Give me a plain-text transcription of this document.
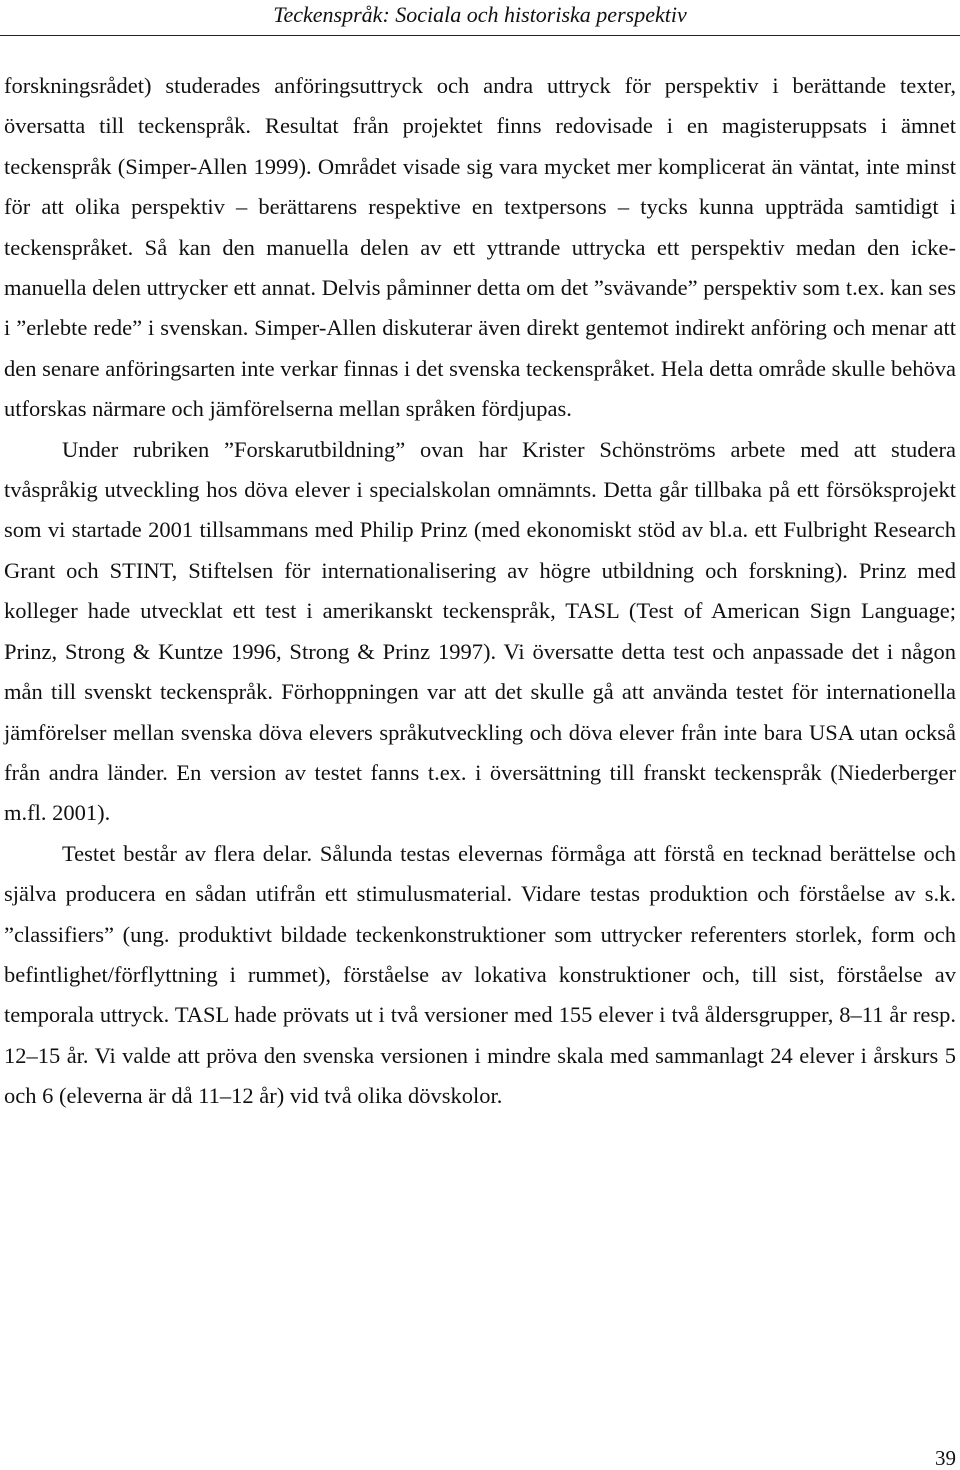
Teckenspråk: Sociala och historiska perspektiv

forskningsrådet) studerades anföringsuttryck och andra uttryck för perspektiv i berättande texter, översatta till teckenspråk. Resultat från projektet finns redovisade i en magisteruppsats i ämnet teckenspråk (Simper-Allen 1999). Området visade sig vara mycket mer komplicerat än väntat, inte minst för att olika perspektiv – berättarens respektive en textpersons – tycks kunna uppträda samtidigt i teckenspråket. Så kan den manuella delen av ett yttrande uttrycka ett perspektiv medan den icke-manuella delen uttrycker ett annat. Delvis påminner detta om det ”svävande” perspektiv som t.ex. kan ses i ”erlebte rede” i svenskan. Simper-Allen diskuterar även direkt gentemot indirekt anföring och menar att den senare anföringsarten inte verkar finnas i det svenska teckenspråket. Hela detta område skulle behöva utforskas närmare och jämförelserna mellan språken fördjupas.

Under rubriken ”Forskarutbildning” ovan har Krister Schönströms arbete med att studera tvåspråkig utveckling hos döva elever i specialskolan omnämnts. Detta går tillbaka på ett försöksprojekt som vi startade 2001 tillsammans med Philip Prinz (med ekonomiskt stöd av bl.a. ett Fulbright Research Grant och STINT, Stiftelsen för internationalisering av högre utbildning och forskning). Prinz med kolleger hade utvecklat ett test i amerikanskt teckenspråk, TASL (Test of American Sign Language; Prinz, Strong & Kuntze 1996, Strong & Prinz 1997). Vi översatte detta test och anpassade det i någon mån till svenskt teckenspråk. Förhoppningen var att det skulle gå att använda testet för internationella jämförelser mellan svenska döva elevers språkutveckling och döva elever från inte bara USA utan också från andra länder. En version av testet fanns t.ex. i översättning till franskt teckenspråk (Niederberger m.fl. 2001).

Testet består av flera delar. Sålunda testas elevernas förmåga att förstå en tecknad berättelse och själva producera en sådan utifrån ett stimulusmaterial. Vidare testas produktion och förståelse av s.k. ”classifiers” (ung. produktivt bildade teckenkonstruktioner som uttrycker referenters storlek, form och befintlighet/förflyttning i rummet), förståelse av lokativa konstruktioner och, till sist, förståelse av temporala uttryck. TASL hade prövats ut i två versioner med 155 elever i två åldersgrupper, 8–11 år resp. 12–15 år. Vi valde att pröva den svenska versionen i mindre skala med sammanlagt 24 elever i årskurs 5 och 6 (eleverna är då 11–12 år) vid två olika dövskolor.

39
